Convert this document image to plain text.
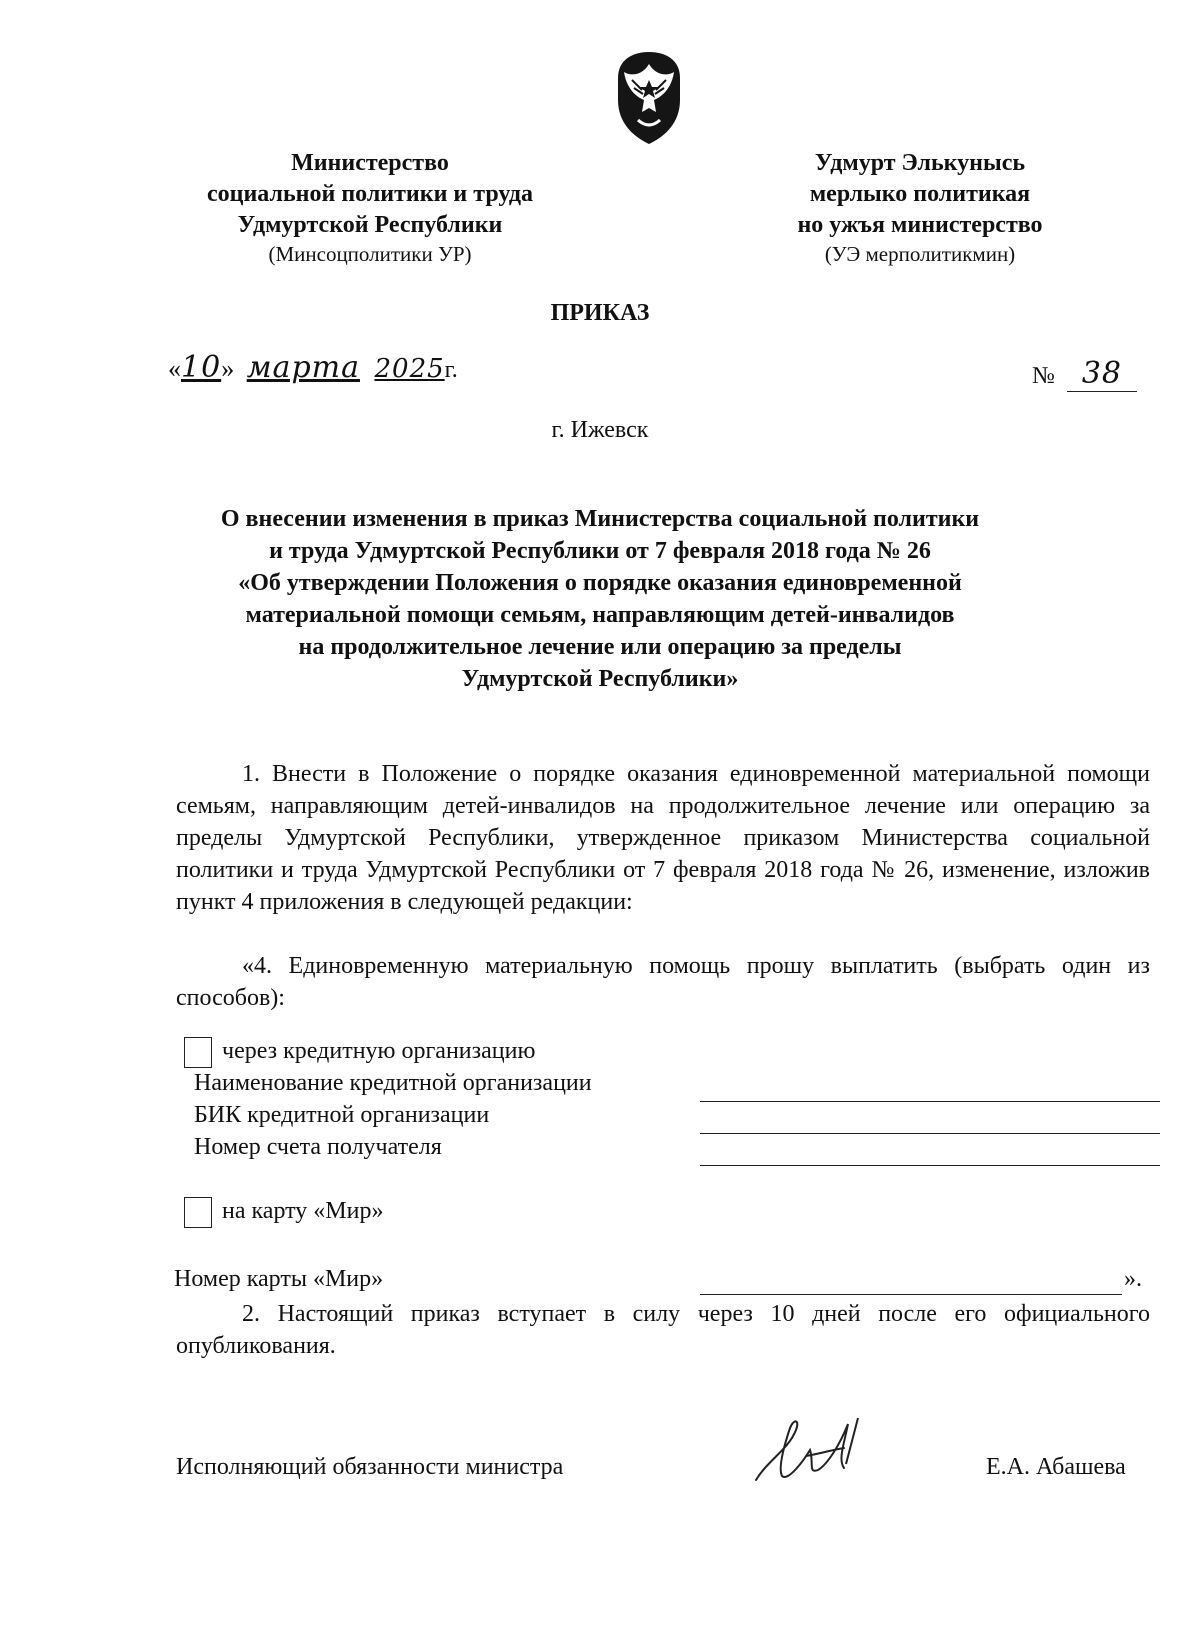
Министерство
социальной политики и труда
Удмуртской Республики
(Минсоцполитики УР)
Удмурт Элькунысь
мерлыко политикая
но ужъя министерство
(УЭ мерполитикмин)
ПРИКАЗ
«10» марта 2025г.	№ 38
г. Ижевск
О внесении изменения в приказ Министерства социальной политики
и труда Удмуртской Республики от 7 февраля 2018 года № 26
«Об утверждении Положения о порядке оказания единовременной
материальной помощи семьям, направляющим детей-инвалидов
на продолжительное лечение или операцию за пределы
Удмуртской Республики»
1. Внести в Положение о порядке оказания единовременной материальной помощи семьям, направляющим детей-инвалидов на продолжительное лечение или операцию за пределы Удмуртской Республики, утвержденное приказом Министерства социальной политики и труда Удмуртской Республики от 7 февраля 2018 года № 26, изменение, изложив пункт 4 приложения в следующей редакции:
«4. Единовременную материальную помощь прошу выплатить (выбрать один из способов):
через кредитную организацию
Наименование кредитной организации
БИК кредитной организации
Номер счета получателя
на карту «Мир»
Номер карты «Мир»	».
2. Настоящий приказ вступает в силу через 10 дней после его официального опубликования.
Исполняющий обязанности министра	Е.А. Абашева
